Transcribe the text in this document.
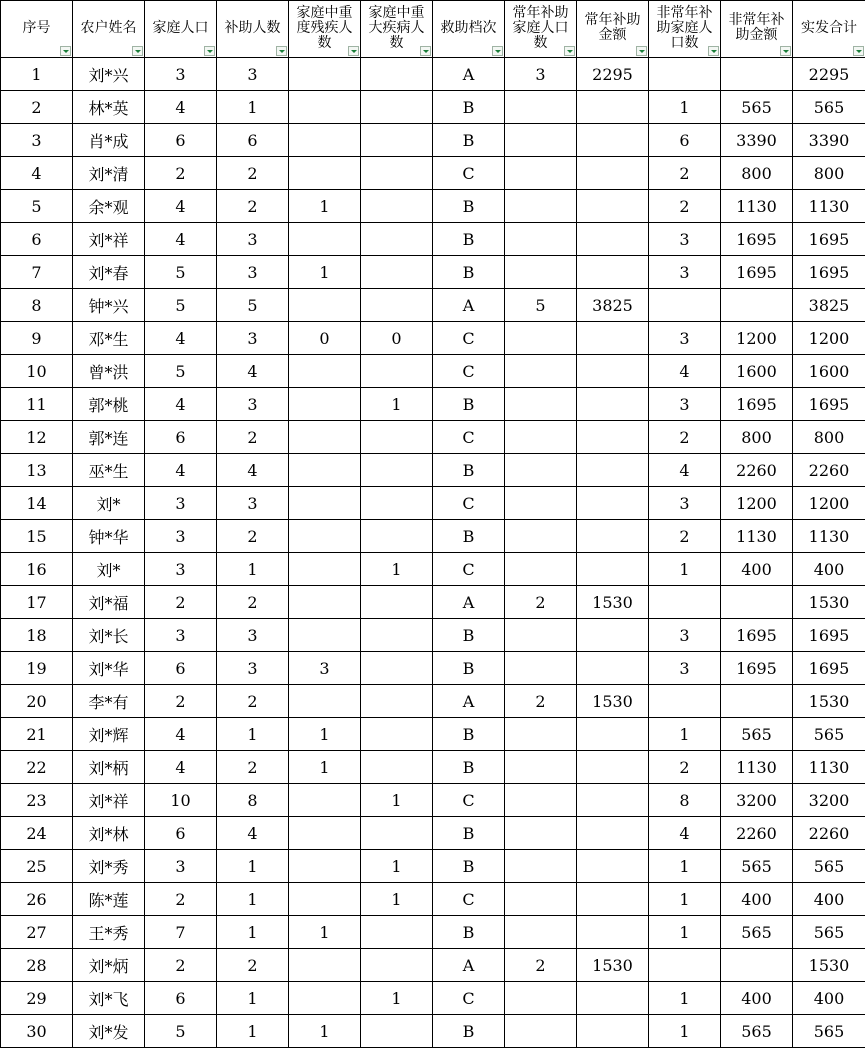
序号	农户姓名	家庭人口	补助人数	家庭中重度残疾人数	家庭中重大疾病人数	救助档次	常年补助家庭人口数	常年补助金额	非常年补助家庭人口数	非常年补助金额	实发合计

1	刘*兴	3	3			A	3	2295			2295
2	林*英	4	1			B			1	565	565
3	肖*成	6	6			B			6	3390	3390
4	刘*清	2	2			C			2	800	800
5	余*观	4	2	1		B			2	1130	1130
6	刘*祥	4	3			B			3	1695	1695
7	刘*春	5	3	1		B			3	1695	1695
8	钟*兴	5	5			A	5	3825			3825
9	邓*生	4	3	0	0	C			3	1200	1200
10	曾*洪	5	4			C			4	1600	1600
11	郭*桃	4	3		1	B			3	1695	1695
12	郭*连	6	2			C			2	800	800
13	巫*生	4	4			B			4	2260	2260
14	刘*	3	3			C			3	1200	1200
15	钟*华	3	2			B			2	1130	1130
16	刘*	3	1		1	C			1	400	400
17	刘*福	2	2			A	2	1530			1530
18	刘*长	3	3			B			3	1695	1695
19	刘*华	6	3	3		B			3	1695	1695
20	李*有	2	2			A	2	1530			1530
21	刘*辉	4	1	1		B			1	565	565
22	刘*柄	4	2	1		B			2	1130	1130
23	刘*祥	10	8		1	C			8	3200	3200
24	刘*林	6	4			B			4	2260	2260
25	刘*秀	3	1		1	B			1	565	565
26	陈*莲	2	1		1	C			1	400	400
27	王*秀	7	1	1		B			1	565	565
28	刘*炳	2	2			A	2	1530			1530
29	刘*飞	6	1		1	C			1	400	400
30	刘*发	5	1	1		B			1	565	565
